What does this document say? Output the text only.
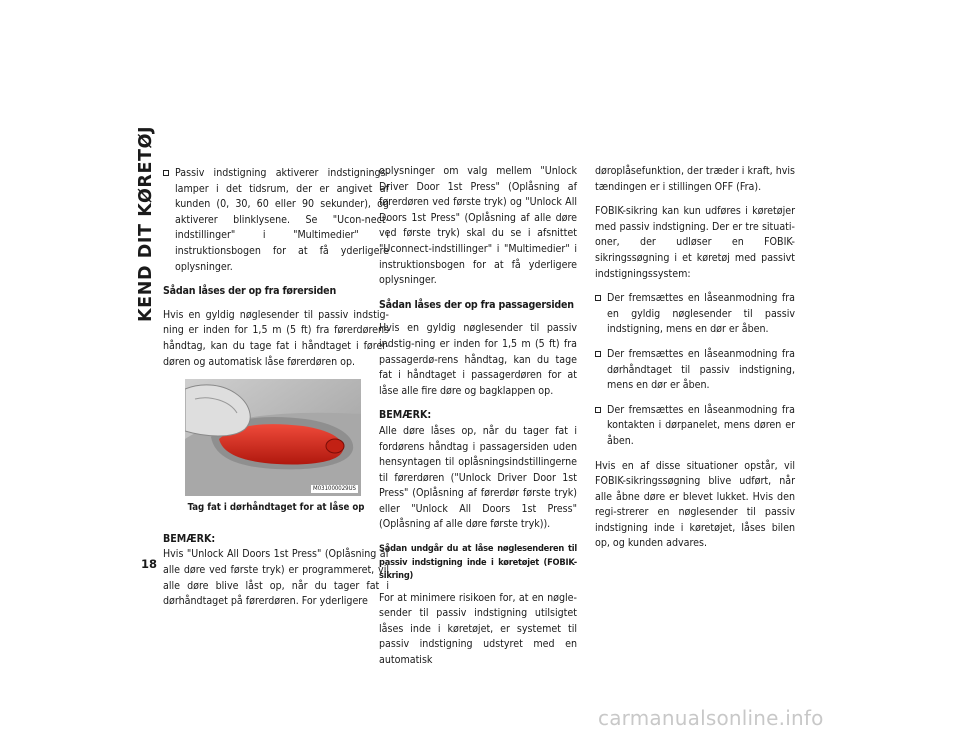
KEND DIT KØRETØJ
18
Passiv indstigning aktiverer indstignings-lamper i det tidsrum, der er angivet af kunden (0, 30, 60 eller 90 sekunder), og aktiverer blinklysene. Se "Ucon-nect-indstillinger" i "Multimedier" i instruktionsbogen for at få yderligere oplysninger.
Sådan låses der op fra førersiden

Hvis en gyldig nøglesender til passiv indstig-ning er inden for 1,5 m (5 ft) fra førerdørens håndtag, kan du tage fat i håndtaget i fører-døren og automatisk låse førerdøren op.

M031000029US
Tag fat i dørhåndtaget for at låse op

BEMÆRK:
Hvis "Unlock All Doors 1st Press" (Oplåsning af alle døre ved første tryk) er programmeret, vil alle døre blive låst op, når du tager fat i dørhåndtaget på førerdøren. For yderligere

oplysninger om valg mellem "Unlock Driver Door 1st Press" (Oplåsning af førerdøren ved første tryk) og "Unlock All Doors 1st Press" (Oplåsning af alle døre ved første tryk) skal du se i afsnittet "Uconnect-indstillinger" i "Multimedier" i instruktionsbogen for at få yderligere oplysninger.

Sådan låses der op fra passagersiden

Hvis en gyldig nøglesender til passiv indstig-ning er inden for 1,5 m (5 ft) fra passagerdø-rens håndtag, kan du tage fat i håndtaget i passagerdøren for at låse alle fire døre og bagklappen op.

BEMÆRK:
Alle døre låses op, når du tager fat i fordørens håndtag i passagersiden uden hensyntagen til oplåsningsindstillingerne til førerdøren ("Unlock Driver Door 1st Press" (Oplåsning af førerdør første tryk) eller "Unlock All Doors 1st Press" (Oplåsning af alle døre første tryk)).

Sådan undgår du at låse nøglesenderen til passiv indstigning inde i køretøjet (FOBIK-sikring)

For at minimere risikoen for, at en nøgle-sender til passiv indstigning utilsigtet låses inde i køretøjet, er systemet til passiv indstigning udstyret med en automatisk

døroplåsefunktion, der træder i kraft, hvis tændingen er i stillingen OFF (Fra).

FOBIK-sikring kan kun udføres i køretøjer med passiv indstigning. Der er tre situati-oner, der udløser en FOBIK-sikringssøgning i et køretøj med passivt indstigningssystem:

Der fremsættes en låseanmodning fra en gyldig nøglesender til passiv indstigning, mens en dør er åben.
Der fremsættes en låseanmodning fra dørhåndtaget til passiv indstigning, mens en dør er åben.
Der fremsættes en låseanmodning fra kontakten i dørpanelet, mens døren er åben.

Hvis en af disse situationer opstår, vil FOBIK-sikringssøgning blive udført, når alle åbne døre er blevet lukket. Hvis den regi-strerer en nøglesender til passiv indstigning inde i køretøjet, låses bilen op, og kunden advares.

carmanualsonline.info
